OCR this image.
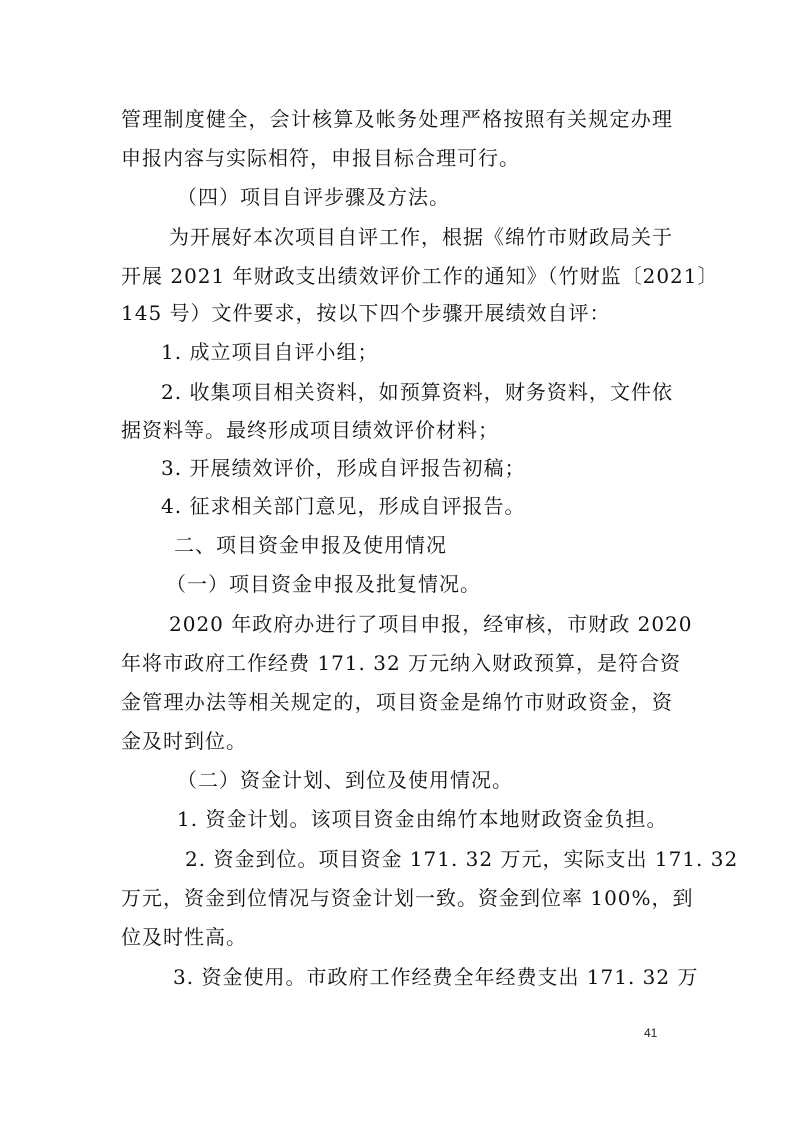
管理制度健全，会计核算及帐务处理严格按照有关规定办理
申报内容与实际相符，申报目标合理可行。
（四）项目自评步骤及方法。
为开展好本次项目自评工作，根据《绵竹市财政局关于
开展 2021 年财政支出绩效评价工作的通知》（竹财监〔2021〕
145 号）文件要求，按以下四个步骤开展绩效自评：
1. 成立项目自评小组；
2. 收集项目相关资料，如预算资料，财务资料，文件依
据资料等。最终形成项目绩效评价材料；
3. 开展绩效评价，形成自评报告初稿；
4. 征求相关部门意见，形成自评报告。
二、项目资金申报及使用情况
（一）项目资金申报及批复情况。
2020 年政府办进行了项目申报，经审核，市财政 2020
年将市政府工作经费 171. 32 万元纳入财政预算，是符合资
金管理办法等相关规定的，项目资金是绵竹市财政资金，资
金及时到位。
（二）资金计划、到位及使用情况。
1. 资金计划。该项目资金由绵竹本地财政资金负担。
2. 资金到位。项目资金 171. 32 万元，实际支出 171. 32
万元，资金到位情况与资金计划一致。资金到位率 100%，到
位及时性高。
3. 资金使用。市政府工作经费全年经费支出 171. 32 万
41
